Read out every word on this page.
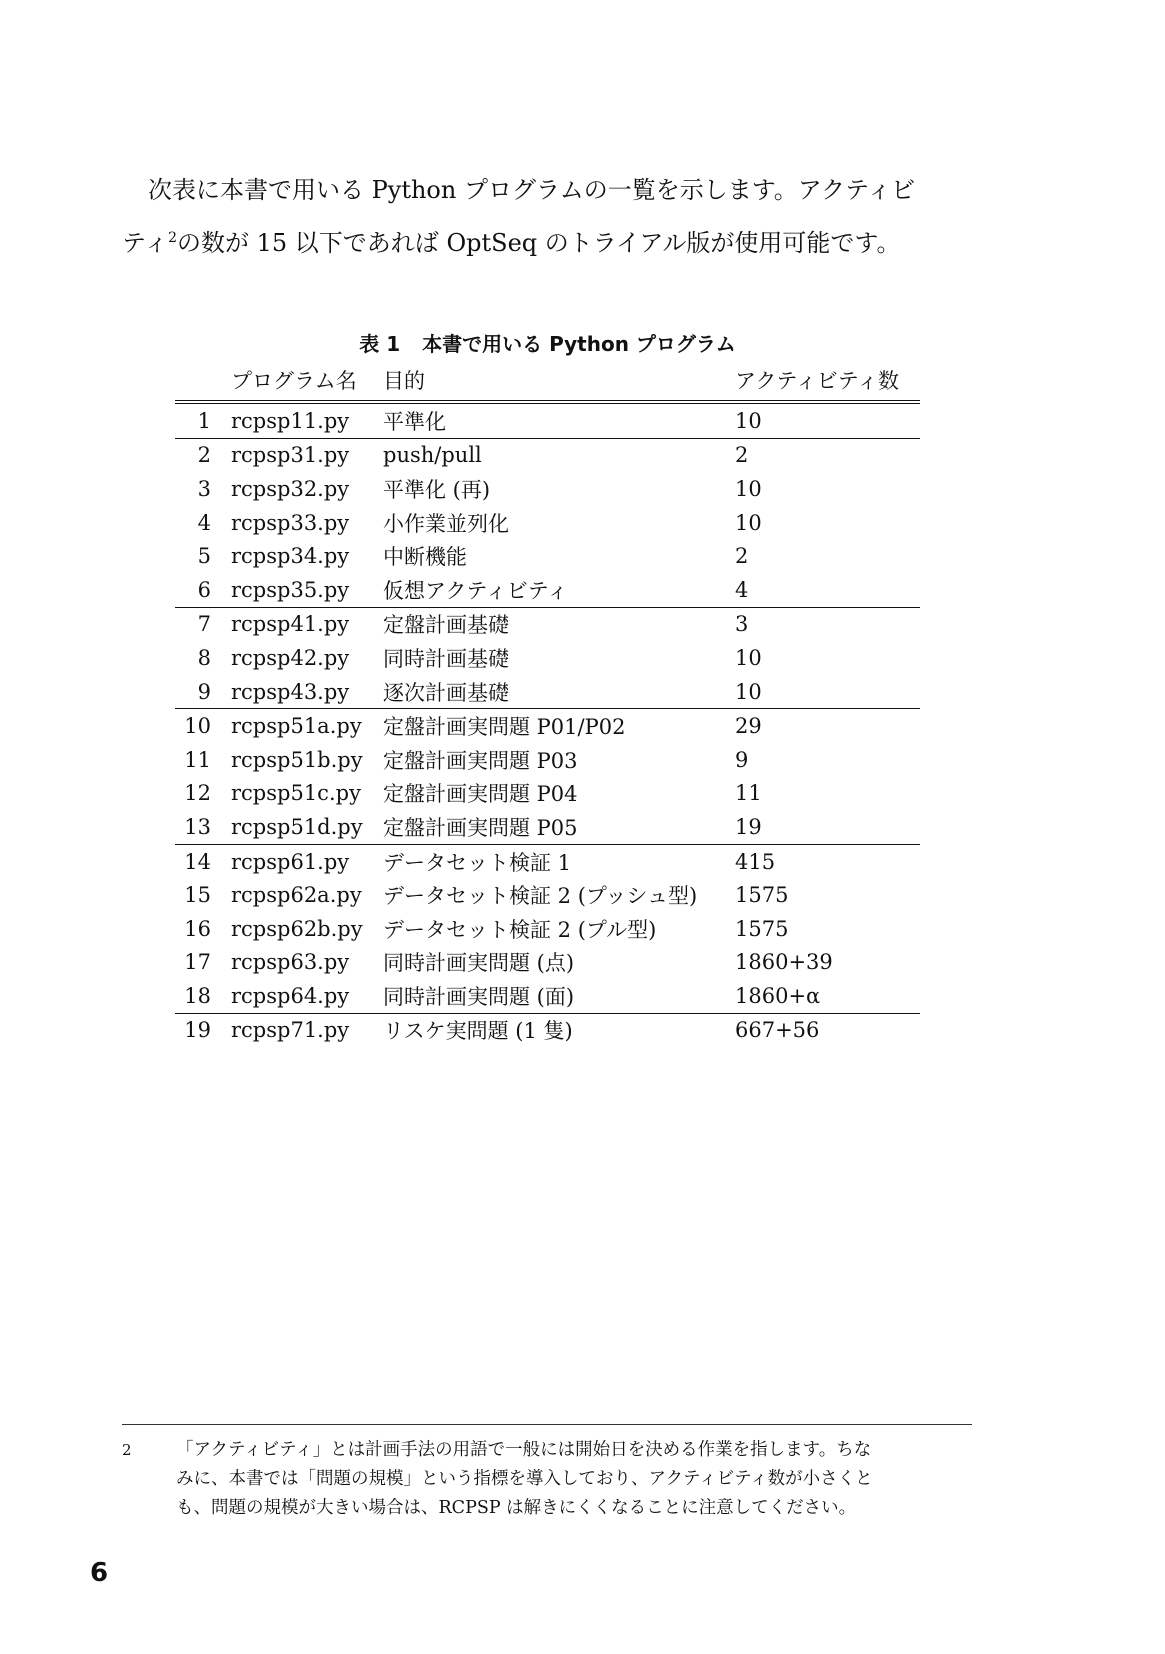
次表に本書で用いる Python プログラムの一覧を示します。アクティビ
ティ$^2$の数が 15 以下であれば OptSeq のトライアル版が使用可能です。
表 1 本書で用いる Python プログラム
	プログラム名	目的	アクティビティ数
1	rcpsp11.py	平準化	10
2	rcpsp31.py	push/pull	2
3	rcpsp32.py	平準化 (再)	10
4	rcpsp33.py	小作業並列化	10
5	rcpsp34.py	中断機能	2
6	rcpsp35.py	仮想アクティビティ	4
7	rcpsp41.py	定盤計画基礎	3
8	rcpsp42.py	同時計画基礎	10
9	rcpsp43.py	逐次計画基礎	10
10	rcpsp51a.py	定盤計画実問題 P01/P02	29
11	rcpsp51b.py	定盤計画実問題 P03	9
12	rcpsp51c.py	定盤計画実問題 P04	11
13	rcpsp51d.py	定盤計画実問題 P05	19
14	rcpsp61.py	データセット検証 1	415
15	rcpsp62a.py	データセット検証 2 (プッシュ型)	1575
16	rcpsp62b.py	データセット検証 2 (プル型)	1575
17	rcpsp63.py	同時計画実問題 (点)	1860+39
18	rcpsp64.py	同時計画実問題 (面)	1860+α
19	rcpsp71.py	リスケ実問題 (1 隻)	667+56
2	「アクティビティ」とは計画手法の用語で一般には開始日を決める作業を指します。ちな
みに、本書では「問題の規模」という指標を導入しており、アクティビティ数が小さくと
も、問題の規模が大きい場合は、RCPSP は解きにくくなることに注意してください。
6
